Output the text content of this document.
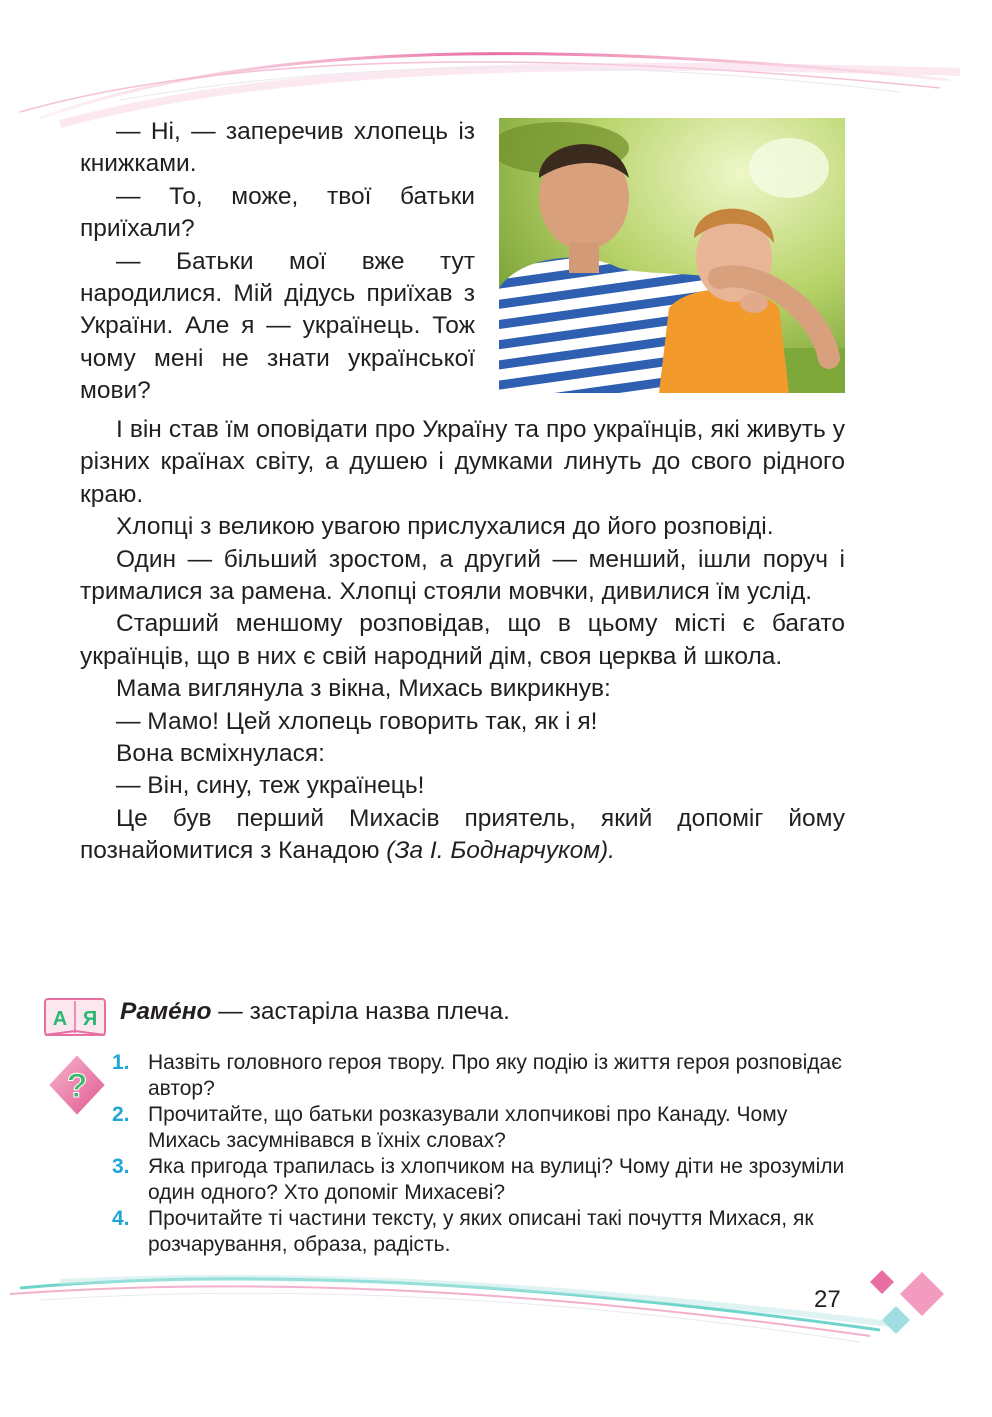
— Ні, — заперечив хлопець із книжками.

— То, може, твої батьки приїхали?

— Батьки мої вже тут народилися. Мій дідусь приїхав з України. Але я — українець. Тож чому мені не знати української мови?

І він став їм оповідати про Україну та про українців, які живуть у різних країнах світу, а душею і думками линуть до свого рідного краю.

Хлопці з великою увагою прислухалися до його розповіді.

Один — більший зростом, а другий — менший, ішли поруч і трималися за рамена. Хлопці стояли мовчки, дивилися їм услід.

Старший меншому розповідав, що в цьому місті є багато українців, що в них є свій народний дім, своя церква й школа.

Мама виглянула з вікна, Михась викрикнув:

— Мамо! Цей хлопець говорить так, як і я!

Вона всміхнулася:

— Він, сину, теж українець!

Це був перший Михасів приятель, який допоміг йому познайомитися з Канадою (За І. Боднарчуком).

А Я Раме́но — застаріла назва плеча.
?
1. Назвіть головного героя твору. Про яку подію із життя героя розповідає автор?
2. Прочитайте, що батьки розказували хлопчикові про Канаду. Чому Михась засумнівався в їхніх словах?
3. Яка пригода трапилась із хлопчиком на вулиці? Чому діти не зрозуміли один одного? Хто допоміг Михасеві?
4. Прочитайте ті частини тексту, у яких описані такі почуття Михася, як розчарування, образа, радість.
27
